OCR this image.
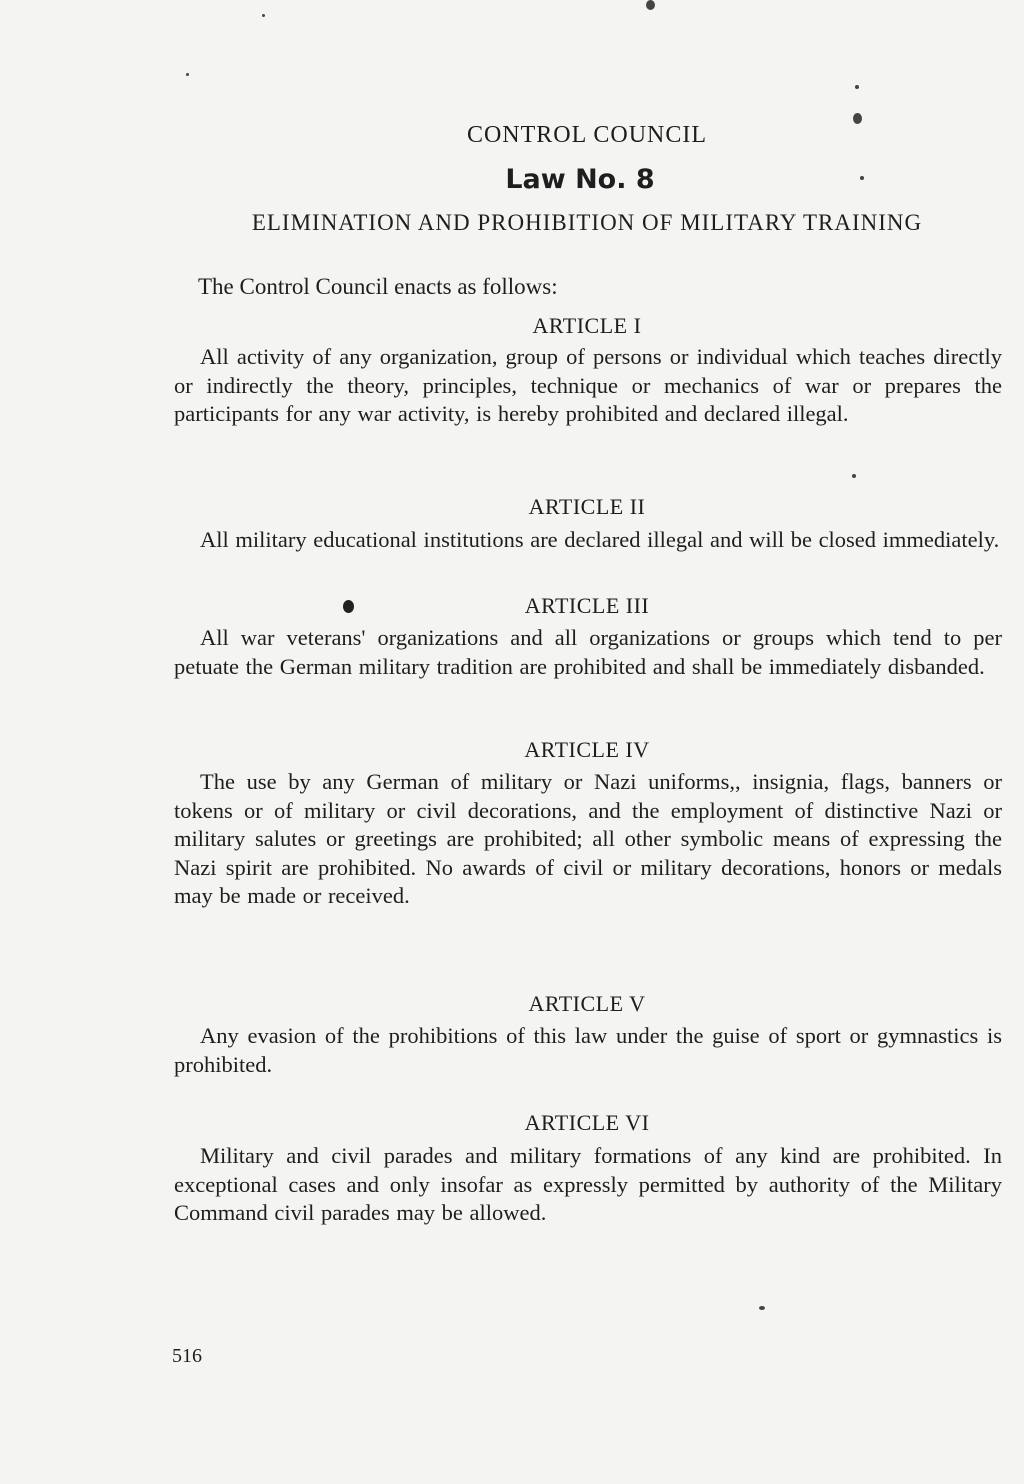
CONTROL COUNCIL
Law No. 8
ELIMINATION AND PROHIBITION OF MILITARY TRAINING
The Control Council enacts as follows:
ARTICLE I
All activity of any organization, group of persons or individual which teaches directly or indirectly the theory, principles, technique or mechanics of war or prepares the participants for any war activity, is hereby prohibited and declared illegal.
ARTICLE II
All military educational institutions are declared illegal and will be closed immediately.
ARTICLE III
All war veterans' organizations and all organizations or groups which tend to per petuate the German military tradition are prohibited and shall be immediately disbanded.
ARTICLE IV
The use by any German of military or Nazi uniforms,, insignia, flags, banners or tokens or of military or civil decorations, and the employment of distinctive Nazi or military salutes or greetings are prohibited; all other symbolic means of expressing the Nazi spirit are prohibited. No awards of civil or military decorations, honors or medals may be made or received.
ARTICLE V
Any evasion of the prohibitions of this law under the guise of sport or gymnastics is prohibited.
ARTICLE VI
Military and civil parades and military formations of any kind are prohibited. In exceptional cases and only insofar as expressly permitted by authority of the Military Command civil parades may be allowed.
516
